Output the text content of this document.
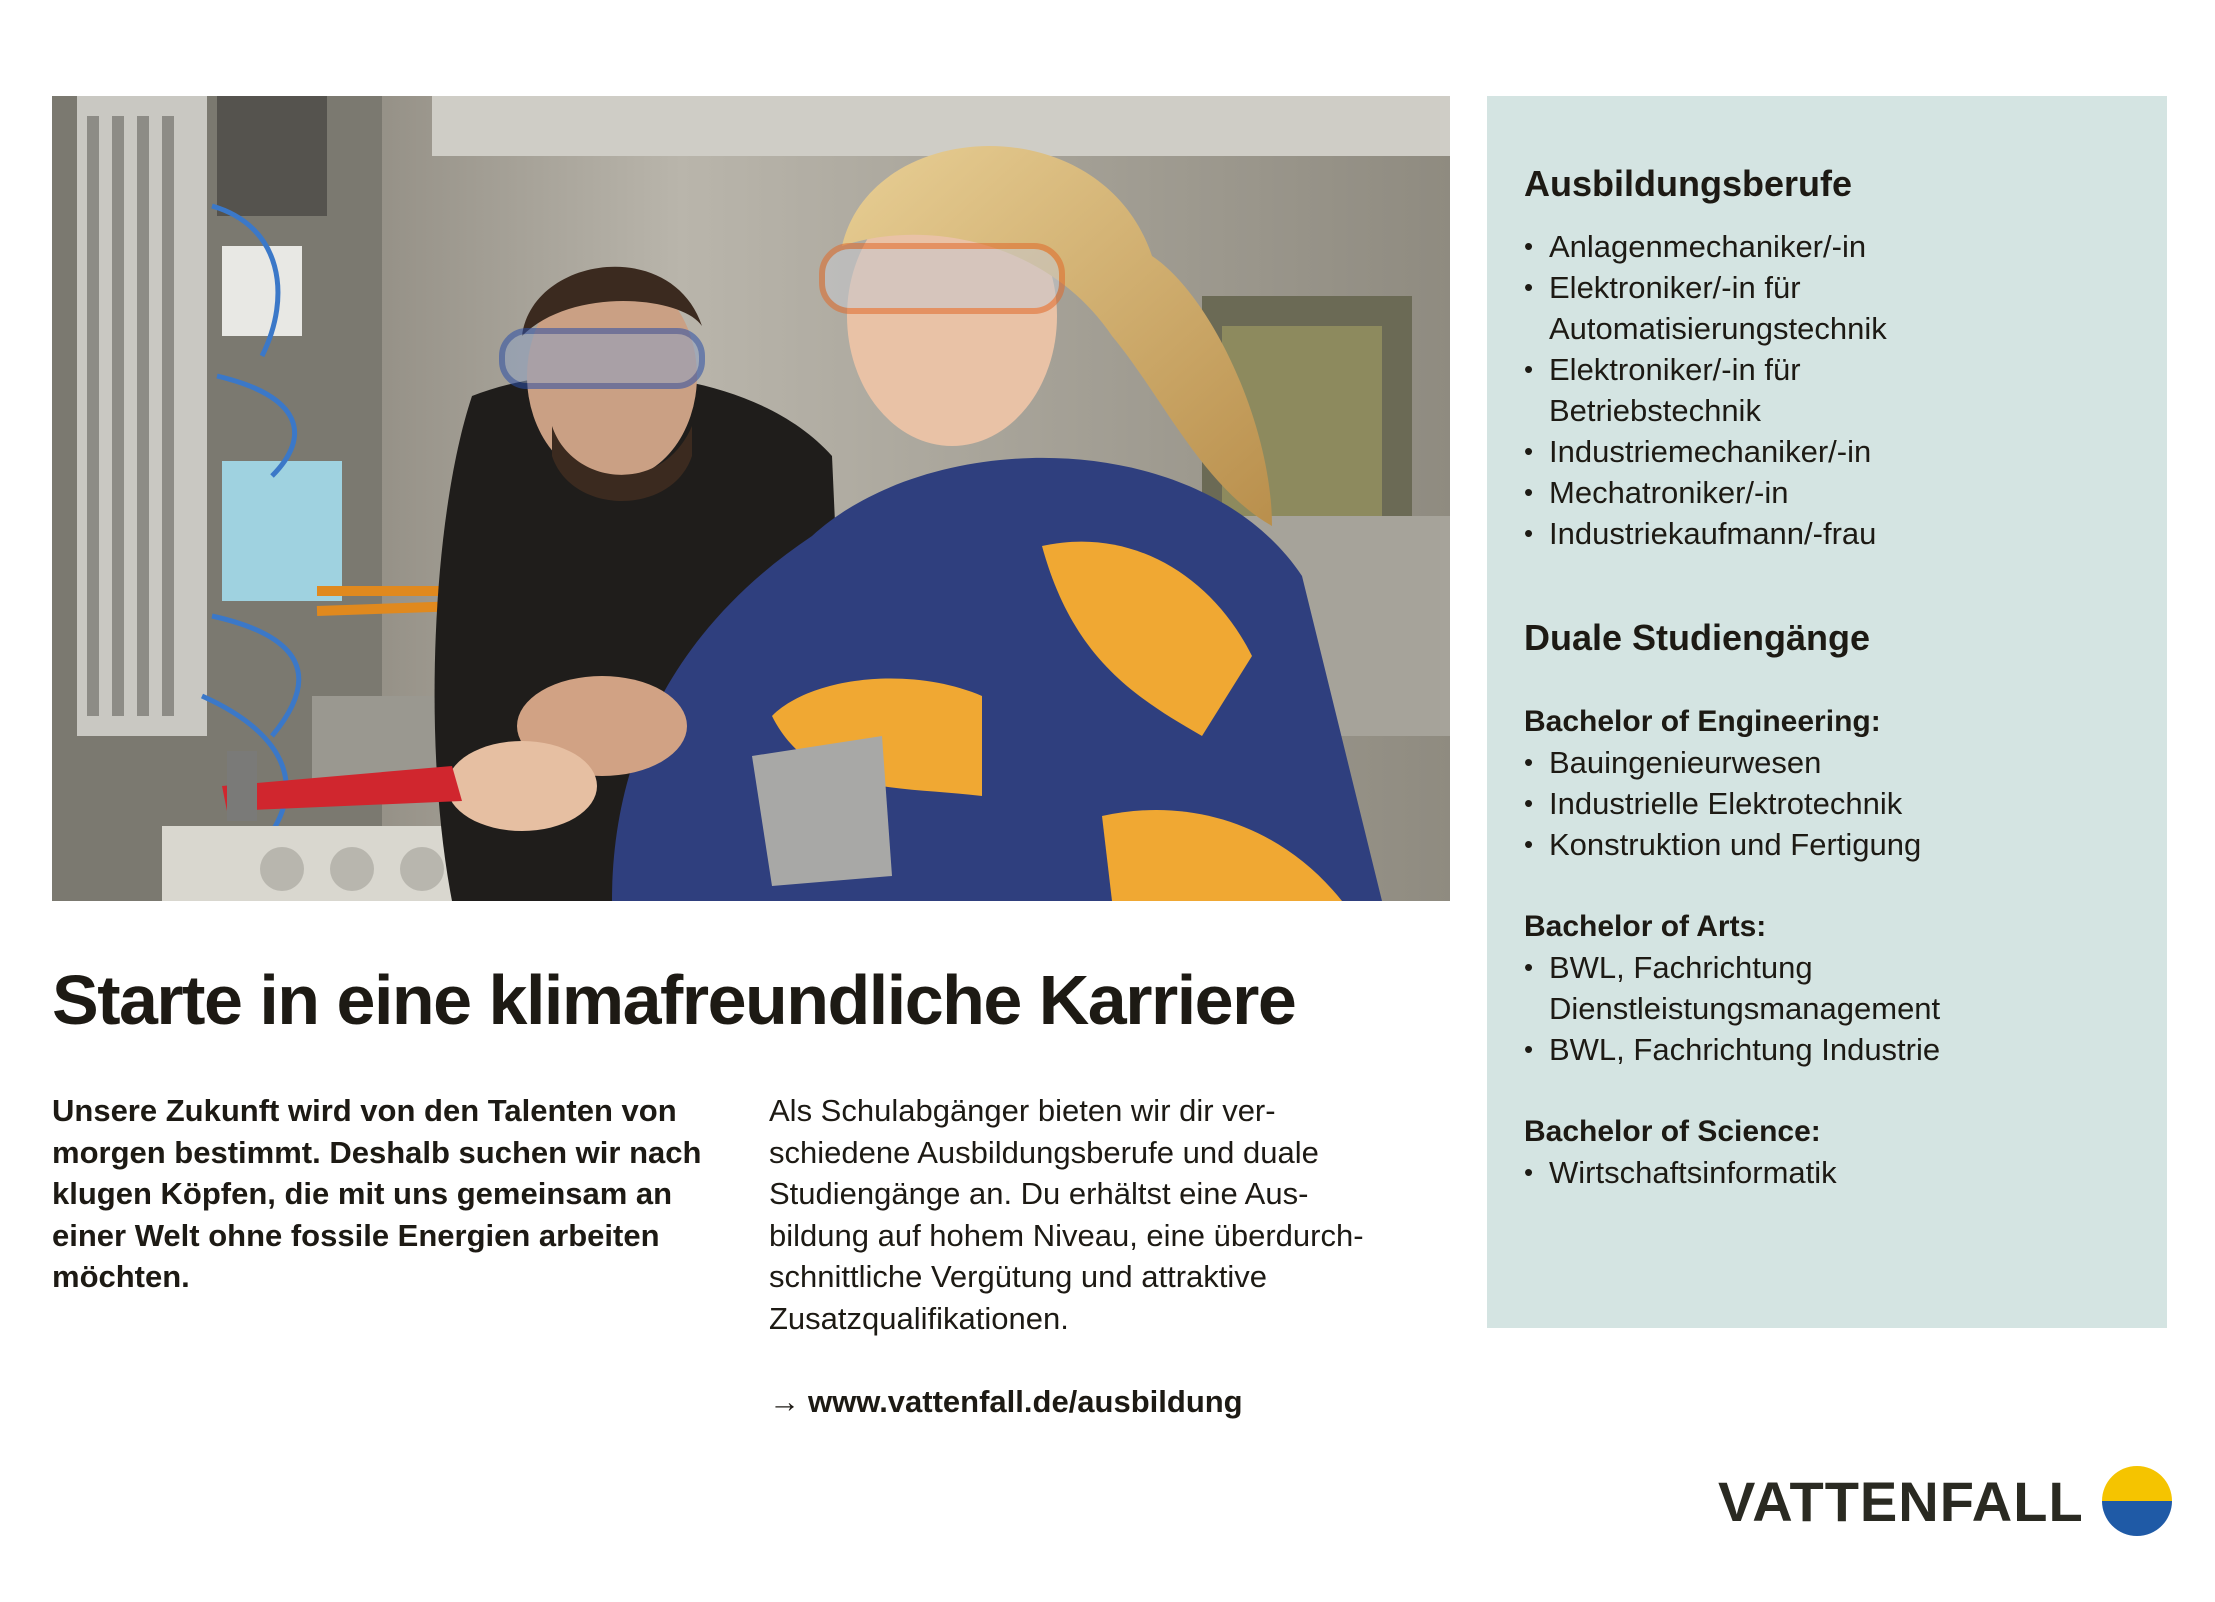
Starte in eine klimafreundliche Karriere

Unsere Zukunft wird von den Talenten von morgen bestimmt. Deshalb suchen wir nach klugen Köpfen, die mit uns gemeinsam an einer Welt ohne fossile Energien arbeiten möchten.

Als Schulabgänger bieten wir dir ver-
schiedene Ausbildungsberufe und duale
Studiengänge an. Du erhältst eine Aus-
bildung auf hohem Niveau, eine überdurch-
schnittliche Vergütung und attraktive
Zusatzqualifikationen.

→ www.vattenfall.de/ausbildung
Ausbildungsberufe
• Anlagenmechaniker/-in
• Elektroniker/-in für
Automatisierungstechnik
• Elektroniker/-in für
Betriebstechnik
• Industriemechaniker/-in
• Mechatroniker/-in
• Industriekaufmann/-frau
Duale Studiengänge
Bachelor of Engineering:
• Bauingenieurwesen
• Industrielle Elektrotechnik
• Konstruktion und Fertigung
Bachelor of Arts:
• BWL, Fachrichtung
Dienstleistungsmanagement
• BWL, Fachrichtung Industrie
Bachelor of Science:
• Wirtschaftsinformatik
VATTENFALL
